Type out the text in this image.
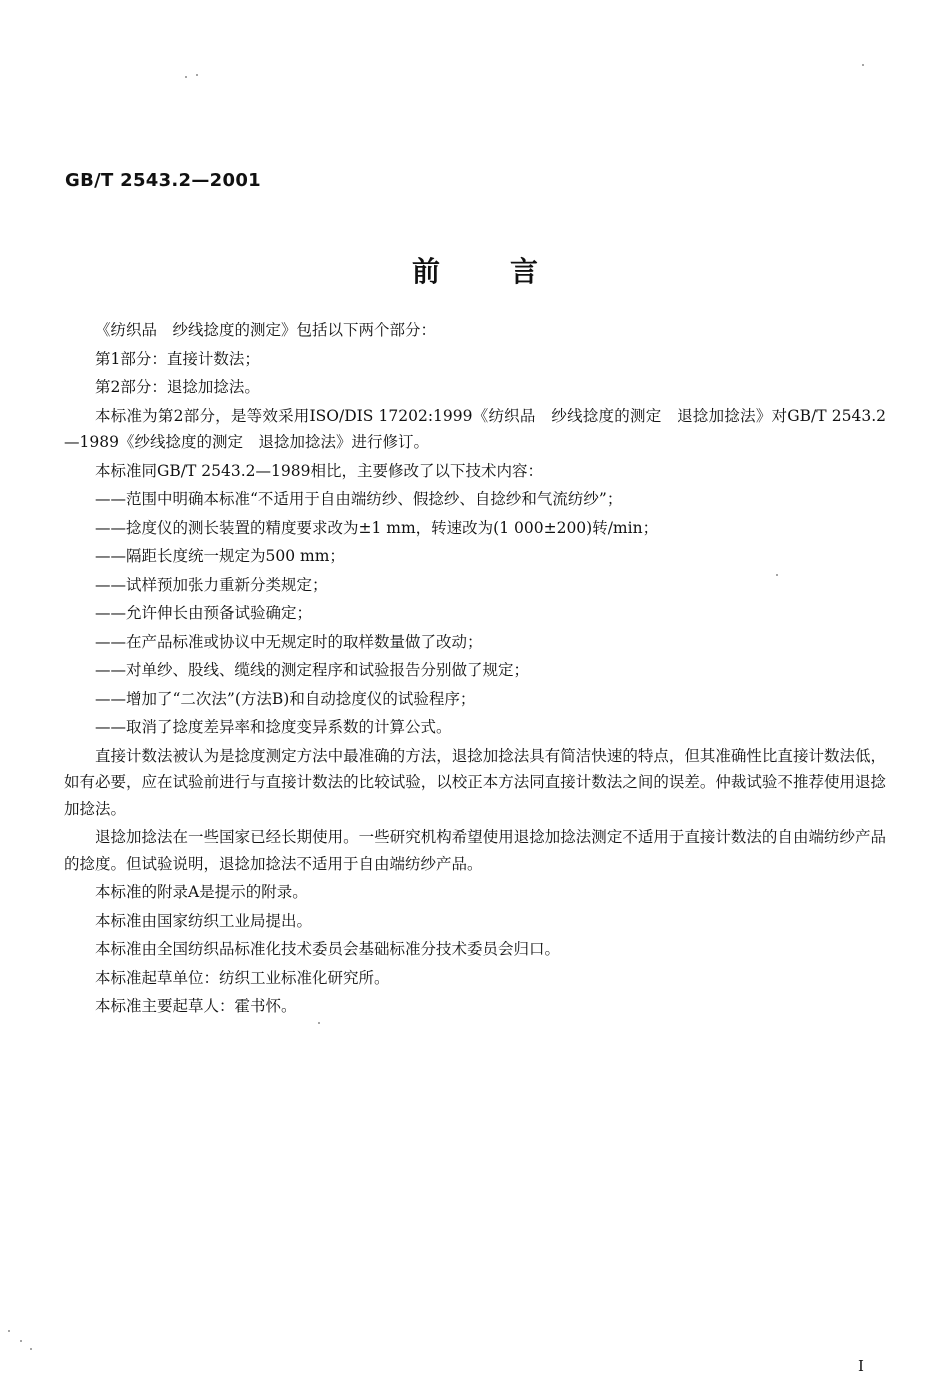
GB/T 2543.2—2001
前言

《纺织品　纱线捻度的测定》包括以下两个部分：

第1部分：直接计数法；

第2部分：退捻加捻法。

本标准为第2部分，是等效采用ISO/DIS 17202:1999《纺织品　纱线捻度的测定　退捻加捻法》对GB/T 2543.2—1989《纱线捻度的测定　退捻加捻法》进行修订。

本标准同GB/T 2543.2—1989相比，主要修改了以下技术内容：

——范围中明确本标准“不适用于自由端纺纱、假捻纱、自捻纱和气流纺纱”；

——捻度仪的测长装置的精度要求改为±1 mm，转速改为(1 000±200)转/min；

——隔距长度统一规定为500 mm；

——试样预加张力重新分类规定；

——允许伸长由预备试验确定；

——在产品标准或协议中无规定时的取样数量做了改动；

——对单纱、股线、缆线的测定程序和试验报告分别做了规定；

——增加了“二次法”(方法B)和自动捻度仪的试验程序；

——取消了捻度差异率和捻度变异系数的计算公式。

直接计数法被认为是捻度测定方法中最准确的方法，退捻加捻法具有简洁快速的特点，但其准确性比直接计数法低，如有必要，应在试验前进行与直接计数法的比较试验，以校正本方法同直接计数法之间的误差。仲裁试验不推荐使用退捻加捻法。

退捻加捻法在一些国家已经长期使用。一些研究机构希望使用退捻加捻法测定不适用于直接计数法的自由端纺纱产品的捻度。但试验说明，退捻加捻法不适用于自由端纺纱产品。

本标准的附录A是提示的附录。

本标准由国家纺织工业局提出。

本标准由全国纺织品标准化技术委员会基础标准分技术委员会归口。

本标准起草单位：纺织工业标准化研究所。

本标准主要起草人：霍书怀。

I
